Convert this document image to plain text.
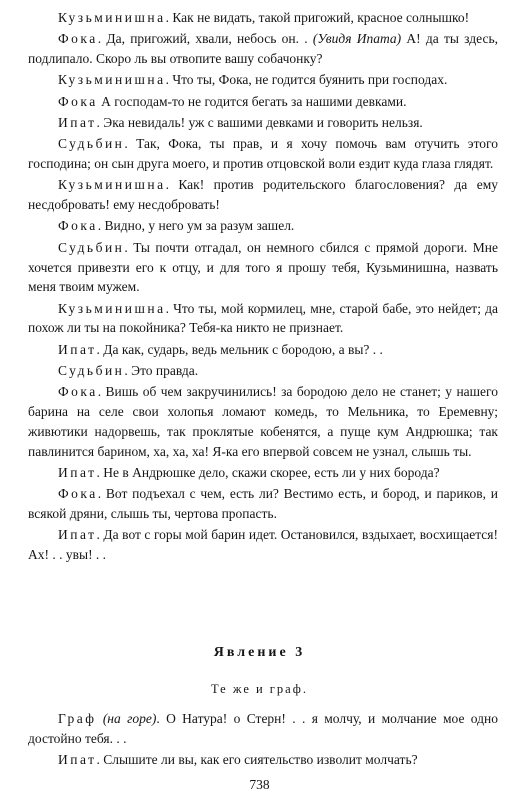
Кузьминишна. Как не видать, такой пригожий, красное солнышко!

Фока. Да, пригожий, хвали, небось он. . (Увидя Ипата) А! да ты здесь, подлипало. Скоро ль вы отвопите вашу собачонку?

Кузьминишна. Что ты, Фока, не годится буянить при господах.

Фока А господам-то не годится бегать за нашими девками.

Ипат. Эка невидаль! уж с вашими девками и говорить нельзя.

Судьбин. Так, Фока, ты прав, и я хочу помочь вам отучить этого господина; он сын друга моего, и против отцовской воли ездит куда глаза глядят.

Кузьминишна. Как! против родительского благословения? да ему несдобровать! ему несдобровать!

Фока. Видно, у него ум за разум зашел.

Судьбин. Ты почти отгадал, он немного сбился с прямой дороги. Мне хочется привезти его к отцу, и для того я прошу тебя, Кузьминишна, назвать меня твоим мужем.

Кузьминишна. Что ты, мой кормилец, мне, старой бабе, это нейдет; да похож ли ты на покойника? Тебя-ка никто не признает.

Ипат. Да как, сударь, ведь мельник с бородою, а вы? . .

Судьбин. Это правда.

Фока. Вишь об чем закручинились! за бородою дело не станет; у нашего барина на селе свои холопья ломают комедь, то Мельника, то Еремевну; живютики надорвешь, так проклятые кобенятся, а пуще кум Андрюшка; так павлинится барином, ха, ха, ха! Я-ка его впервой совсем не узнал, слышь ты.

Ипат. Не в Андрюшке дело, скажи скорее, есть ли у них борода?

Фока. Вот подъехал с чем, есть ли? Вестимо есть, и бород, и париков, и всякой дряни, слышь ты, чертова пропасть.

Ипат. Да вот с горы мой барин идет. Остановился, вздыхает, восхищается! Ах! . . увы! . .

Явление 3
Те же и граф.

Граф (на горе). О Натура! о Стерн! . . я молчу, и молчание мое одно достойно тебя. . .

Ипат. Слышите ли вы, как его сиятельство изволит молчать?

738
